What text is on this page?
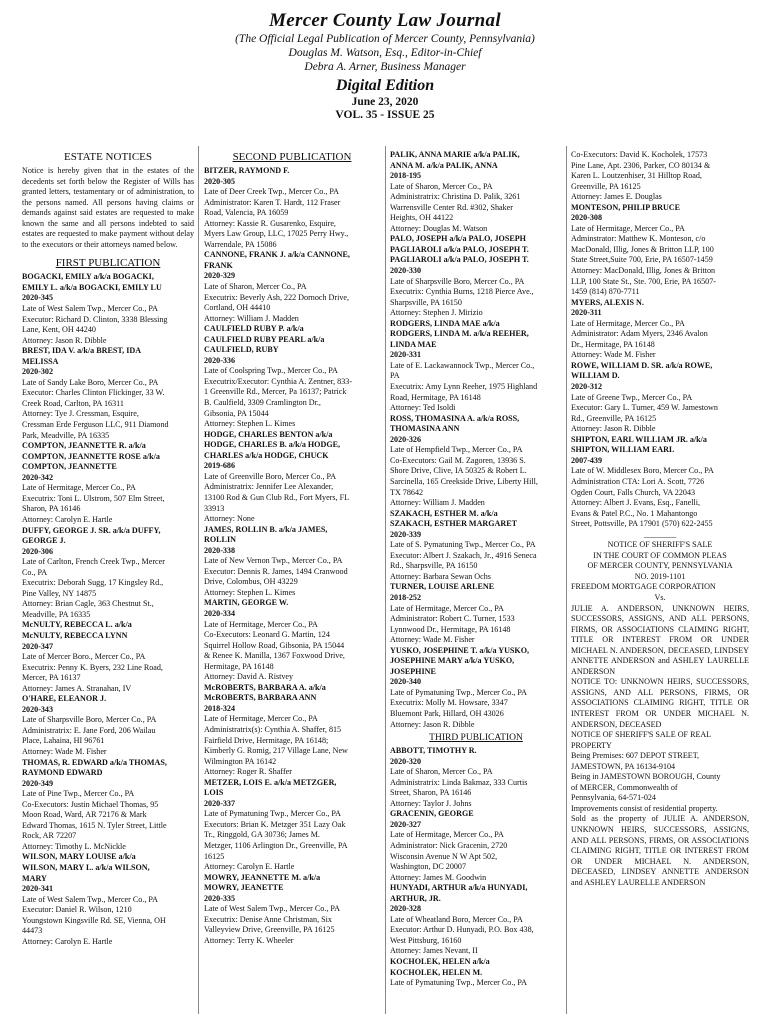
Mercer County Law Journal
(The Official Legal Publication of Mercer County, Pennsylvania)
Douglas M. Watson, Esq., Editor-in-Chief
Debra A. Arner, Business Manager
Digital Edition
June 23, 2020
VOL. 35 - ISSUE 25
ESTATE NOTICES
Notice is hereby given that in the estates of the decedents set forth below the Register of Wills has granted letters, testamentary or of administration, to the persons named. All persons having claims or demands against said estates are requested to make known the same and all persons indebted to said estates are requested to make payment without delay to the executors or their attorneys named below.
FIRST PUBLICATION
BOGACKI, EMILY a/k/a BOGACKI,
EMILY L. a/k/a BOGACKI, EMILY LU
2020-345
Late of West Salem Twp., Mercer Co., PA
Executor: Richard D. Clinton, 3338 Blessing
Lane, Kent, OH 44240
Attorney: Jason R. Dibble
BREST, IDA V. a/k/a BREST, IDA
MELISSA
2020-302
Late of Sandy Lake Boro, Mercer Co., PA
Executor: Charles Clinton Flickinger, 33 W.
Creek Road, Carlton, PA 16311
Attorney: Tye J. Cressman, Esquire,
Cressman Erde Ferguson LLC, 911 Diamond
Park, Meadville, PA 16335
COMPTON, JEANNETTE R. a/k/a
COMPTON, JEANNETTE ROSE a/k/a
COMPTON, JEANNETTE
2020-342
Late of Hermitage, Mercer Co., PA
Executrix: Toni L. Ulstrom, 507 Elm Street,
Sharon, PA 16146
Attorney: Carolyn E. Hartle
DUFFY, GEORGE J. SR. a/k/a DUFFY,
GEORGE J.
2020-306
Late of Carlton, French Creek Twp., Mercer
Co., PA
Executrix: Deborah Sugg, 17 Kingsley Rd.,
Pine Valley, NY 14875
Attorney: Brian Cagle, 363 Chestnut St.,
Meadville, PA 16335
McNULTY, REBECCA L. a/k/a
McNULTY, REBECCA LYNN
2020-347
Late of Mercer Boro., Mercer Co., PA
Executrix: Penny K. Byers, 232 Line Road,
Mercer, PA 16137
Attorney: James A. Stranahan, IV
O'HARE, ELEANOR J.
2020-343
Late of Sharpsville Boro, Mercer Co., PA
Administratrix: E. Jane Ford, 206 Wailau
Place, Lahaina, HI 96761
Attorney: Wade M. Fisher
THOMAS, R. EDWARD a/k/a THOMAS,
RAYMOND EDWARD
2020-349
Late of Pine Twp., Mercer Co., PA
Co-Executors: Justin Michael Thomas, 95
Moon Road, Ward, AR 72176 & Mark
Edward Thomas, 1615 N. Tyler Street, Little
Rock, AR 72207
Attorney: Timothy L. McNickle
WILSON, MARY LOUISE a/k/a
WILSON, MARY L. a/k/a WILSON,
MARY
2020-341
Late of West Salem Twp., Mercer Co., PA
Executor: Daniel R. Wilson, 1210
Youngstown Kingsville Rd. SE, Vienna, OH
44473
Attorney: Carolyn E. Hartle
SECOND PUBLICATION
BITZER, RAYMOND F.
2020-305
Late of Deer Creek Twp., Mercer Co., PA
Administrator: Karen T. Hardt, 112 Fraser
Road, Valencia, PA 16059
Attorney: Kassie R. Gusarenko, Esquire,
Myers Law Group, LLC, 17025 Perry Hwy.,
Warrendale, PA 15086
CANNONE, FRANK J. a/k/a CANNONE,
FRANK
2020-329
Late of Sharon, Mercer Co., PA
Executrix: Beverly Ash, 222 Dornoch Drive,
Cortland, OH 44410
Attorney: William J. Madden
CAULFIELD RUBY P. a/k/a
CAULFIELD RUBY PEARL a/k/a
CAULFIELD, RUBY
2020-336
Late of Coolspring Twp., Mercer Co., PA
Executrix/Executor: Cynthia A. Zentner, 833-
1 Greenville Rd., Mercer, Pa 16137; Patrick
B. Caulfield, 3309 Cramlington Dr.,
Gibsonia, PA 15044
Attorney: Stephen L. Kimes
HODGE, CHARLES BENTON a/k/a
HODGE, CHARLES B. a/k/a HODGE,
CHARLES a/k/a HODGE, CHUCK
2019-686
Late of Greenville Boro, Mercer Co., PA
Administratrix: Jennifer Lee Alexander,
13100 Rod & Gun Club Rd., Fort Myers, FL
33913
Attorney: None
JAMES, ROLLIN B. a/k/a JAMES,
ROLLIN
2020-338
Late of New Vernon Twp., Mercer Co., PA
Executor: Dennis R. James, 1494 Cranwood
Drive, Colombus, OH 43229
Attorney: Stephen L. Kimes
MARTIN, GEORGE W.
2020-334
Late of Hermitage, Mercer Co., PA
Co-Executors: Leonard G. Martin, 124
Squirrel Hollow Road, Gibsonia, PA 15044
& Renee K. Manilla, 1367 Foxwood Drive,
Hermitage, PA 16148
Attorney: David A. Ristvey
McROBERTS, BARBARA A. a/k/a
McROBERTS, BARBARA ANN
2018-324
Late of Hermitage, Mercer Co., PA
Administratrix(s): Cynthia A. Shaffer, 815
Fairfield Drive, Hermitage, PA 16148;
Kimberly G. Romig, 217 Village Lane, New
Wilmington PA 16142
Attorney: Roger R. Shaffer
METZER, LOIS E. a/k/a METZGER,
LOIS
2020-337
Late of Pymatuning Twp., Mercer Co., PA
Executors: Brian K. Metzger 351 Lazy Oak
Tr., Ringgold, GA 30736; James M.
Metzger, 1106 Arlington Dr., Greenville, PA
16125
Attorney: Carolyn E. Hartle
MOWRY, JEANNETTE M. a/k/a
MOWRY, JEANETTE
2020-335
Late of West Salem Twp., Mercer Co., PA
Executrix: Denise Anne Christman, Six
Valleyview Drive, Greenville, PA 16125
Attorney: Terry K. Wheeler
PALIK, ANNA MARIE a/k/a PALIK,
ANNA M. a/k/a PALIK, ANNA
2018-195
Late of Sharon, Mercer Co., PA
Administratrix: Christina D. Palik, 3261
Warrensville Center Rd. #302, Shaker
Heights, OH 44122
Attorney: Douglas M. Watson
PALO, JOSEPH a/k/a PALO, JOSEPH
PAGLIAROLI a/k/a PALO, JOSEPH T.
PAGLIAROLI a/k/a PALO, JOSEPH T.
2020-330
Late of Sharpsville Boro, Mercer Co., PA
Executrix: Cynthia Burns, 1218 Pierce Ave.,
Sharpsville, PA 16150
Attorney: Stephen J. Mirizio
RODGERS, LINDA MAE a/k/a
RODGERS, LINDA M. a/k/a REEHER,
LINDA MAE
2020-331
Late of E. Lackawannock Twp., Mercer Co.,
PA
Executrix: Amy Lynn Reeher, 1975 Highland
Road, Hermitage, PA 16148
Attorney: Ted Isoldi
ROSS, THOMASINA A. a/k/a ROSS,
THOMASINA ANN
2020-326
Late of Hempfield Twp., Mercer Co., PA
Co-Executors: Gail M. Zagoren, 13936 S.
Shore Drive, Clive, IA 50325 & Robert L.
Sarcinella, 165 Creekside Drive, Liberty Hill,
TX 78642
Attorney: William J. Madden
SZAKACH, ESTHER M. a/k/a
SZAKACH, ESTHER MARGARET
2020-339
Late of S. Pymatuning Twp., Mercer Co., PA
Executor: Albert J. Szakach, Jr., 4916 Seneca
Rd., Sharpsville, PA 16150
Attorney: Barbara Sewan Ochs
TURNER, LOUISE ARLENE
2018-252
Late of Hermitage, Mercer Co., PA
Administrator: Robert C. Turner, 1533
Lynnwood Dr., Hermitage, PA 16148
Attorney: Wade M. Fisher
YUSKO, JOSEPHINE T. a/k/a YUSKO,
JOSEPHINE MARY a/k/a YUSKO,
JOSEPHINE
2020-340
Late of Pymatuning Twp., Mercer Co., PA
Executrix: Molly M. Howsare, 3347
Bluemont Park, Hillard, OH 43026
Attorney: Jason R. Dibble
THIRD PUBLICATION
ABBOTT, TIMOTHY R.
2020-320
Late of Sharon, Mercer Co., PA
Administratrix: Linda Bakmaz, 333 Curtis
Street, Sharon, PA 16146
Attorney: Taylor J. Johns
GRACENIN, GEORGE
2020-327
Late of Hermitage, Mercer Co., PA
Administrator: Nick Gracenin, 2720
Wisconsin Avenue N W Apt 502,
Washington, DC 20007
Attorney: James M. Goodwin
HUNYADI, ARTHUR a/k/a HUNYADI,
ARTHUR, JR.
2020-328
Late of Wheatland Boro, Mercer Co., PA
Executor: Arthur D. Hunyadi, P.O. Box 438,
West Pittsburg, 16160
Attorney: James Nevant, II
KOCHOLEK, HELEN a/k/a
KOCHOLEK, HELEN M.
Late of Pymatuning Twp., Mercer Co., PA
Co-Executors: David K. Kocholek, 17573
Pine Lane, Apt. 2306, Parker, CO 80134 &
Karen L. Loutzenhiser, 31 Hilltop Road,
Greenville, PA 16125
Attorney: James E. Douglas
MONTESON, PHILIP BRUCE
2020-308
Late of Hermitage, Mercer Co., PA
Adminstrator: Matthew K. Monteson, c/o
MacDonald, Illig, Jones & Britton LLP, 100
State Street,Suite 700, Erie, PA 16507-1459
Attorney: MacDonald, Illig, Jones & Britton
LLP, 100 State St., Ste. 700, Erie, PA 16507-
1459 (814) 870-7711
MYERS, ALEXIS N.
2020-311
Late of Hermitage, Mercer Co., PA
Administrator: Adam Myers, 2346 Avalon
Dr., Hermitage, PA 16148
Attorney: Wade M. Fisher
ROWE, WILLIAM D. SR. a/k/a ROWE,
WILLIAM D.
2020-312
Late of Greene Twp., Mercer Co., PA
Executor: Gary L. Turner, 459 W. Jamestown
Rd., Greenville, PA 16125
Attorney: Jason R. Dibble
SHIPTON, EARL WILLIAM JR. a/k/a
SHIPTON, WILLIAM EARL
2007-439
Late of W. Middlesex Boro, Mercer Co., PA
Administration CTA: Lori A. Scott, 7726
Ogden Court, Falls Church, VA 22043
Attorney: Albert J. Evans, Esq., Fanelli,
Evans & Patel P.C., No. 1 Mahantongo
Street, Pottsville, PA 17901 (570) 622-2455
________
NOTICE OF SHERIFF'S SALE
IN THE COURT OF COMMON PLEAS
OF MERCER COUNTY, PENNSYLVANIA
NO. 2019-1101
FREEDOM MORTGAGE CORPORATION
Vs.
JULIE A. ANDERSON, UNKNOWN HEIRS, SUCCESSORS, ASSIGNS, AND ALL PERSONS, FIRMS, OR ASSOCIATIONS CLAIMING RIGHT, TITLE OR INTEREST FROM OR UNDER MICHAEL N. ANDERSON, DECEASED, LINDSEY ANNETTE ANDERSON and ASHLEY LAURELLE ANDERSON
NOTICE TO: UNKNOWN HEIRS, SUCCESSORS, ASSIGNS, AND ALL PERSONS, FIRMS, OR ASSOCIATIONS CLAIMING RIGHT, TITLE OR INTEREST FROM OR UNDER MICHAEL N. ANDERSON, DECEASED
NOTICE OF SHERIFF'S SALE OF REAL
PROPERTY
Being Premises: 607 DEPOT STREET,
JAMESTOWN, PA 16134-9104
Being in JAMESTOWN BOROUGH, County
of MERCER, Commonwealth of
Pennsylvania, 64-571-024
Improvements consist of residential property.
Sold as the property of JULIE A. ANDERSON, UNKNOWN HEIRS, SUCCESSORS, ASSIGNS, AND ALL PERSONS, FIRMS, OR ASSOCIATIONS CLAIMING RIGHT, TITLE OR INTEREST FROM OR UNDER MICHAEL N. ANDERSON, DECEASED, LINDSEY ANNETTE ANDERSON and ASHLEY LAURELLE ANDERSON
